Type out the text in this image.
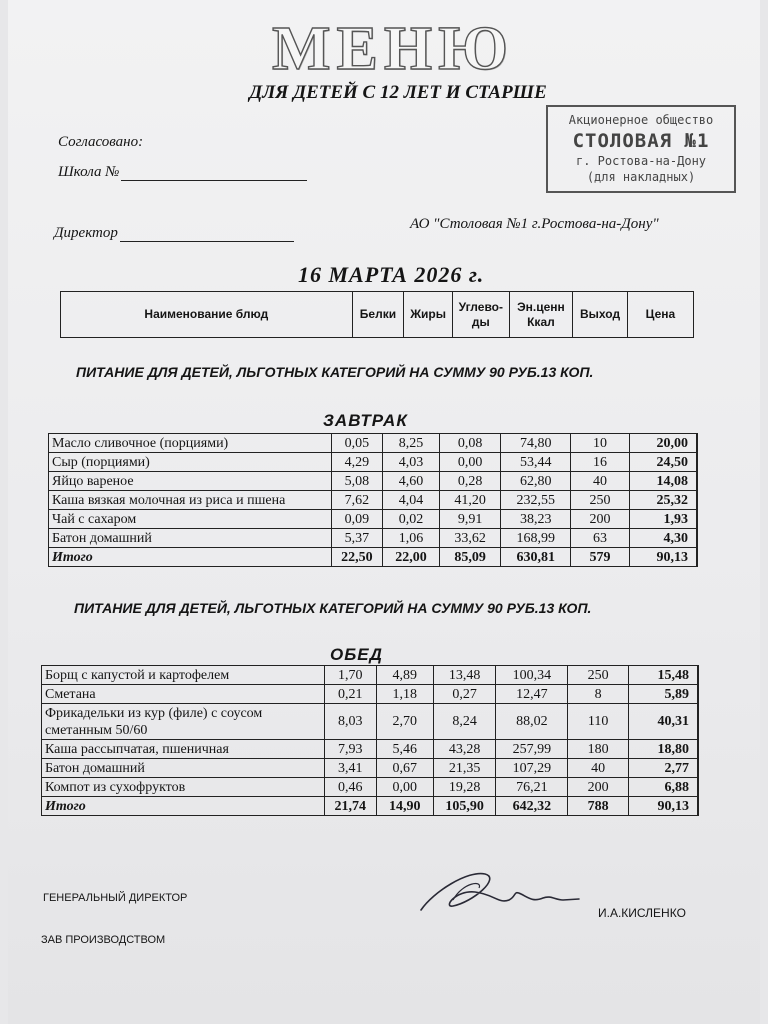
МЕНЮ
ДЛЯ ДЕТЕЙ С 12 ЛЕТ И СТАРШЕ
Согласовано:
Школа №
Директор
Акционерное общество
СТОЛОВАЯ №1
г. Ростова-на-Дону
(для накладных)
АО "Столовая №1 г.Ростова-на-Дону"
16 МАРТА 2026 г.
Наименование блюд	Белки	Жиры	Углево-ды	Эн.ценн Ккал	Выход	Цена
ПИТАНИЕ ДЛЯ ДЕТЕЙ, ЛЬГОТНЫХ КАТЕГОРИЙ НА СУММУ 90 РУБ.13 КОП.
ЗАВТРАК
Масло сливочное (порциями)	0,05	8,25	0,08	74,80	10	20,00
Сыр (порциями)	4,29	4,03	0,00	53,44	16	24,50
Яйцо вареное	5,08	4,60	0,28	62,80	40	14,08
Каша вязкая молочная из риса и пшена	7,62	4,04	41,20	232,55	250	25,32
Чай с сахаром	0,09	0,02	9,91	38,23	200	1,93
Батон домашний	5,37	1,06	33,62	168,99	63	4,30
Итого	22,50	22,00	85,09	630,81	579	90,13
ПИТАНИЕ ДЛЯ ДЕТЕЙ, ЛЬГОТНЫХ КАТЕГОРИЙ НА СУММУ 90 РУБ.13 КОП.
ОБЕД
Борщ с капустой и картофелем	1,70	4,89	13,48	100,34	250	15,48
Сметана	0,21	1,18	0,27	12,47	8	5,89
Фрикадельки из кур (филе) с соусом сметанным 50/60	8,03	2,70	8,24	88,02	110	40,31
Каша рассыпчатая, пшеничная	7,93	5,46	43,28	257,99	180	18,80
Батон домашний	3,41	0,67	21,35	107,29	40	2,77
Компот из сухофруктов	0,46	0,00	19,28	76,21	200	6,88
Итого	21,74	14,90	105,90	642,32	788	90,13
ГЕНЕРАЛЬНЫЙ ДИРЕКТОР
ЗАВ ПРОИЗВОДСТВОМ
И.А.КИСЛЕНКО
